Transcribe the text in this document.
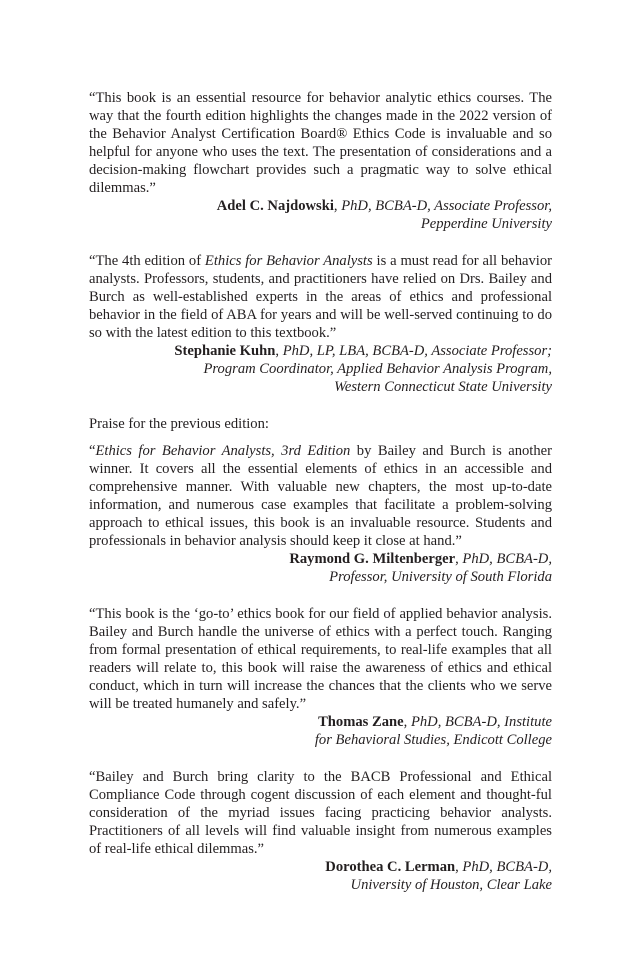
“This book is an essential resource for behavior analytic ethics courses. The way that the fourth edition highlights the changes made in the 2022 version of the Behavior Analyst Certification Board® Ethics Code is invaluable and so helpful for anyone who uses the text. The presentation of considerations and a decision-making flowchart provides such a pragmatic way to solve ethical dilemmas.”

Adel C. Najdowski, PhD, BCBA-D, Associate Professor,
Pepperdine University

“The 4th edition of Ethics for Behavior Analysts is a must read for all behavior analysts. Professors, students, and practitioners have relied on Drs. Bailey and Burch as well-established experts in the areas of ethics and professional behavior in the field of ABA for years and will be well-served continuing to do so with the latest edition to this textbook.”

Stephanie Kuhn, PhD, LP, LBA, BCBA-D, Associate Professor;
Program Coordinator, Applied Behavior Analysis Program,
Western Connecticut State University

Praise for the previous edition:

“Ethics for Behavior Analysts, 3rd Edition by Bailey and Burch is another winner. It covers all the essential elements of ethics in an accessible and comprehensive manner. With valuable new chapters, the most up-to-date information, and numerous case examples that facilitate a problem-solving approach to ethical issues, this book is an invaluable resource. Students and professionals in behavior analysis should keep it close at hand.”

Raymond G. Miltenberger, PhD, BCBA-D,
Professor, University of South Florida

“This book is the ‘go-to’ ethics book for our field of applied behavior analysis. Bailey and Burch handle the universe of ethics with a perfect touch. Ranging from formal presentation of ethical requirements, to real-life examples that all readers will relate to, this book will raise the awareness of ethics and ethical conduct, which in turn will increase the chances that the clients who we serve will be treated humanely and safely.”

Thomas Zane, PhD, BCBA-D, Institute
for Behavioral Studies, Endicott College

“Bailey and Burch bring clarity to the BACB Professional and Ethical Compliance Code through cogent discussion of each element and thought-ful consideration of the myriad issues facing practicing behavior analysts. Practitioners of all levels will find valuable insight from numerous examples of real-life ethical dilemmas.”

Dorothea C. Lerman, PhD, BCBA-D,
University of Houston, Clear Lake
